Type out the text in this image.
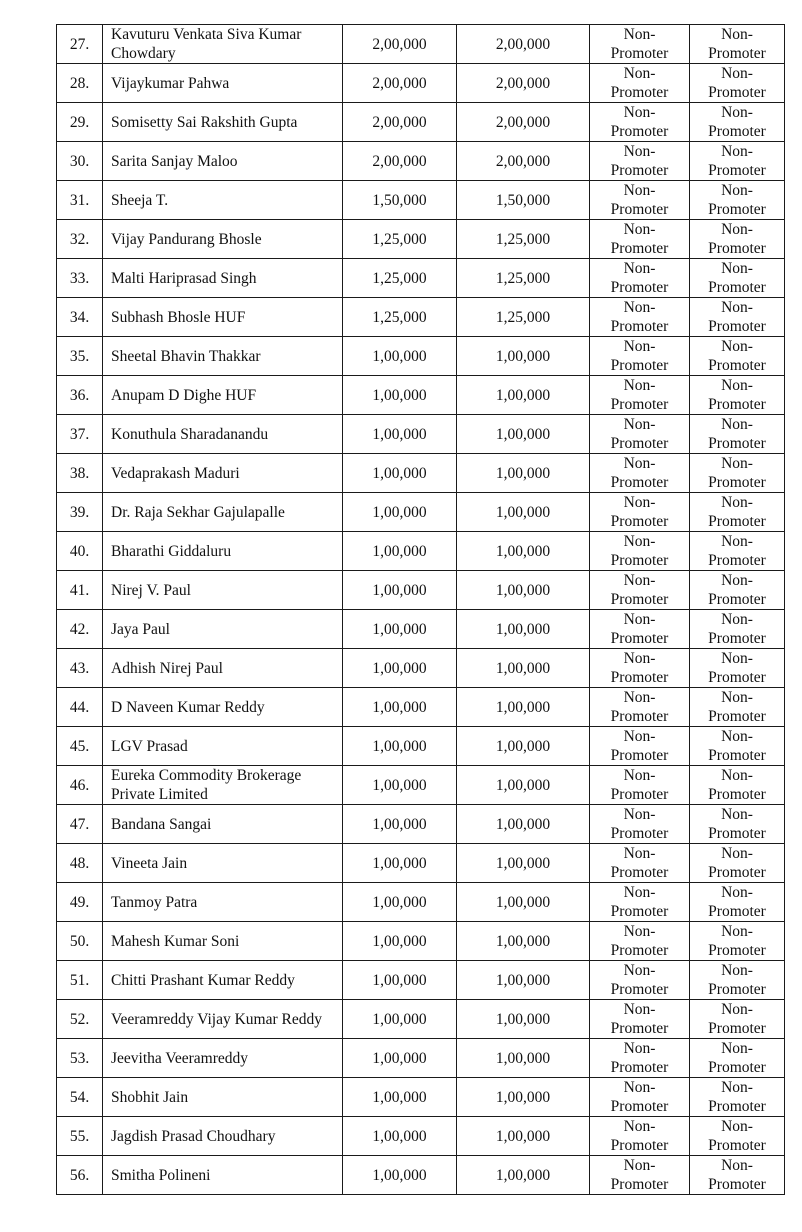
27.	Kavuturu Venkata Siva Kumar Chowdary	2,00,000	2,00,000	Non-
Promoter	Non-
Promoter

28.	Vijaykumar Pahwa	2,00,000	2,00,000	Non-
Promoter	Non-
Promoter

29.	Somisetty Sai Rakshith Gupta	2,00,000	2,00,000	Non-
Promoter	Non-
Promoter

30.	Sarita Sanjay Maloo	2,00,000	2,00,000	Non-
Promoter	Non-
Promoter

31.	Sheeja T.	1,50,000	1,50,000	Non-
Promoter	Non-
Promoter

32.	Vijay Pandurang Bhosle	1,25,000	1,25,000	Non-
Promoter	Non-
Promoter

33.	Malti Hariprasad Singh	1,25,000	1,25,000	Non-
Promoter	Non-
Promoter

34.	Subhash Bhosle HUF	1,25,000	1,25,000	Non-
Promoter	Non-
Promoter

35.	Sheetal Bhavin Thakkar	1,00,000	1,00,000	Non-
Promoter	Non-
Promoter

36.	Anupam D Dighe HUF	1,00,000	1,00,000	Non-
Promoter	Non-
Promoter

37.	Konuthula Sharadanandu	1,00,000	1,00,000	Non-
Promoter	Non-
Promoter

38.	Vedaprakash Maduri	1,00,000	1,00,000	Non-
Promoter	Non-
Promoter

39.	Dr. Raja Sekhar Gajulapalle	1,00,000	1,00,000	Non-
Promoter	Non-
Promoter

40.	Bharathi Giddaluru	1,00,000	1,00,000	Non-
Promoter	Non-
Promoter

41.	Nirej V. Paul	1,00,000	1,00,000	Non-
Promoter	Non-
Promoter

42.	Jaya Paul	1,00,000	1,00,000	Non-
Promoter	Non-
Promoter

43.	Adhish Nirej Paul	1,00,000	1,00,000	Non-
Promoter	Non-
Promoter

44.	D Naveen Kumar Reddy	1,00,000	1,00,000	Non-
Promoter	Non-
Promoter

45.	LGV Prasad	1,00,000	1,00,000	Non-
Promoter	Non-
Promoter

46.	Eureka Commodity Brokerage Private Limited	1,00,000	1,00,000	Non-
Promoter	Non-
Promoter

47.	Bandana Sangai	1,00,000	1,00,000	Non-
Promoter	Non-
Promoter

48.	Vineeta Jain	1,00,000	1,00,000	Non-
Promoter	Non-
Promoter

49.	Tanmoy Patra	1,00,000	1,00,000	Non-
Promoter	Non-
Promoter

50.	Mahesh Kumar Soni	1,00,000	1,00,000	Non-
Promoter	Non-
Promoter

51.	Chitti Prashant Kumar Reddy	1,00,000	1,00,000	Non-
Promoter	Non-
Promoter

52.	Veeramreddy Vijay Kumar Reddy	1,00,000	1,00,000	Non-
Promoter	Non-
Promoter

53.	Jeevitha Veeramreddy	1,00,000	1,00,000	Non-
Promoter	Non-
Promoter

54.	Shobhit Jain	1,00,000	1,00,000	Non-
Promoter	Non-
Promoter

55.	Jagdish Prasad Choudhary	1,00,000	1,00,000	Non-
Promoter	Non-
Promoter

56.	Smitha Polineni	1,00,000	1,00,000	Non-
Promoter	Non-
Promoter
